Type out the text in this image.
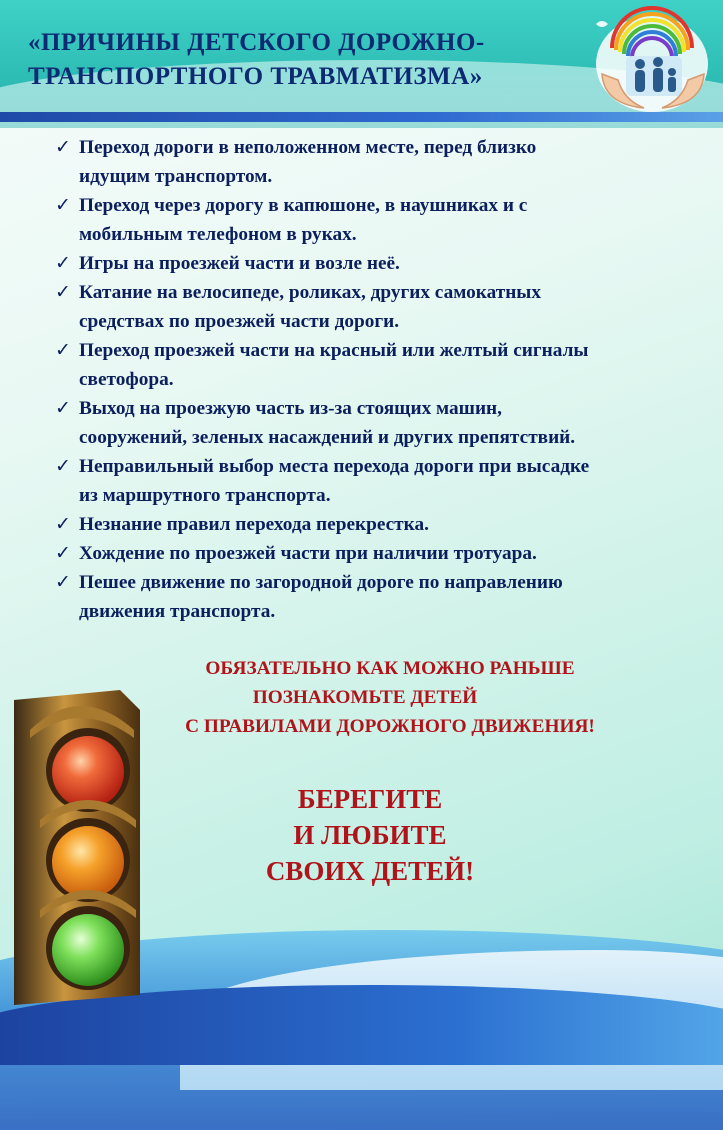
«ПРИЧИНЫ ДЕТСКОГО ДОРОЖНО-
ТРАНСПОРТНОГО ТРАВМАТИЗМА»
✓ Переход дороги в неположенном месте, перед близко
идущим транспортом.
✓ Переход через дорогу в капюшоне, в наушниках и с
мобильным телефоном в руках.
✓ Игры на проезжей части и возле неё.
✓ Катание на велосипеде, роликах, других самокатных
средствах по проезжей части дороги.
✓ Переход проезжей части на красный или желтый сигналы
светофора.
✓ Выход на проезжую часть из-за стоящих машин,
сооружений, зеленых насаждений и других препятствий.
✓ Неправильный выбор места перехода дороги при высадке
из маршрутного транспорта.
✓ Незнание правил перехода перекрестка.
✓ Хождение по проезжей части при наличии тротуара.
✓ Пешее движение по загородной дороге по направлению
движения транспорта.
ОБЯЗАТЕЛЬНО КАК МОЖНО РАНЬШЕ
ПОЗНАКОМЬТЕ ДЕТЕЙ
С ПРАВИЛАМИ ДОРОЖНОГО ДВИЖЕНИЯ!
БЕРЕГИТЕ
И ЛЮБИТЕ
СВОИХ ДЕТЕЙ!
